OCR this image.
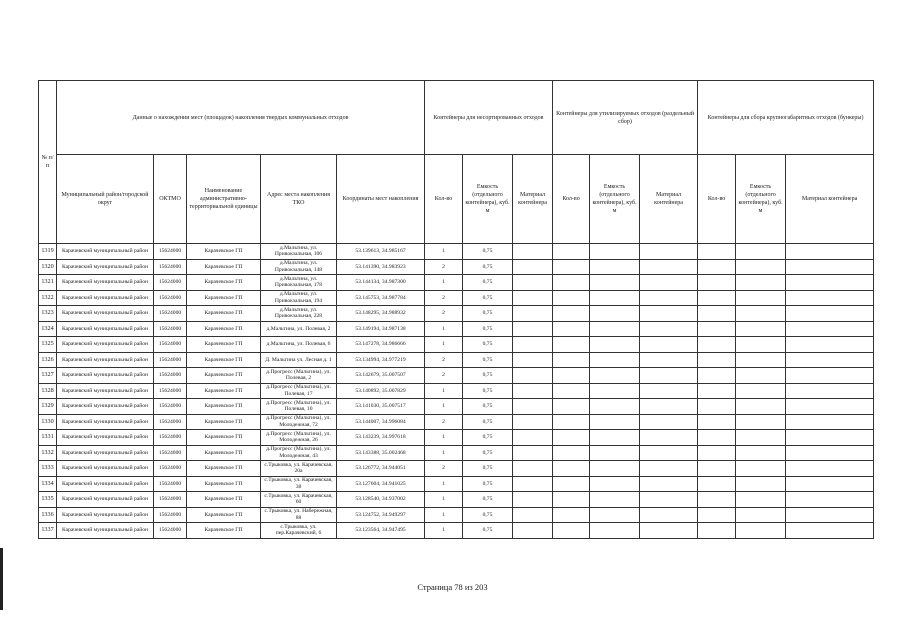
№ п/п	Данные о нахождении мест (площадок) накопления твердых коммунальных отходов					Контейнеры для несортированных отходов			Контейнеры для утилизируемых отходов (раздельный сбор)			Контейнеры для сбора крупногабаритных отходов (бункеры)		
	Муниципальный район/городской округ	ОКТМО	Наименование административно-территориальной единицы	Адрес места накопления ТКО	Координаты мест накопления	Кол-во	Емкость (отдельного контейнера), куб. м	Материал контейнера	Кол-во	Емкость (отдельного контейнера), куб. м	Материал контейнера	Кол-во	Емкость (отдельного контейнера), куб. м	Материал контейнера
1319	Карачевский муниципальный район	15624000	Карачевское ГП	д.Мальтина, ул. Привокзальная, 106	53.139613, 34.985167	1	0,75							
1320	Карачевский муниципальный район	15624000	Карачевское ГП	д.Мальтина, ул. Привокзальная, 148	53.141390, 34.983923	2	0,75							
1321	Карачевский муниципальный район	15624000	Карачевское ГП	д.Мальтина, ул. Привокзальная, 178	53.144134, 34.987300	1	0,75							
1322	Карачевский муниципальный район	15624000	Карачевское ГП	д.Мальтина, ул. Привокзальная, 194	53.145753, 34.987784	2	0,75							
1323	Карачевский муниципальный район	15624000	Карачевское ГП	д.Мальтина, ул. Привокзальная, 228	53.148295, 34.988932	2	0,75							
1324	Карачевский муниципальный район	15624000	Карачевское ГП	д.Мальтина, ул. Полевая, 2	53.149194, 34.987138	1	0,75							
1325	Карачевский муниципальный район	15624000	Карачевское ГП	д.Мальтина, ул. Полевая, 6	53.147278, 34.986666	1	0,75							
1326	Карачевский муниципальный район	15624000	Карачевское ГП	Д. Мальтина ул. Лесная д. 1	53.134994, 34.977219	2	0,75							
1327	Карачевский муниципальный район	15624000	Карачевское ГП	д.Прогресс (Мальтина), ул. Полевая, 2	53.142679, 35.007507	2	0,75							
1328	Карачевский муниципальный район	15624000	Карачевское ГП	д.Прогресс (Мальтина), ул. Полевая, 17	53.140892, 35.007829	1	0,75							
1329	Карачевский муниципальный район	15624000	Карачевское ГП	д.Прогресс (Мальтина), ул. Полевая, 10	53.141030, 35.007517	1	0,75							
1330	Карачевский муниципальный район	15624000	Карачевское ГП	д.Прогресс (Мальтина), ул. Молодежная, 72	53.144007, 34.996084	2	0,75							
1331	Карачевский муниципальный район	15624000	Карачевское ГП	д.Прогресс (Мальтина), ул. Молодежная, 26	53.143239, 34.997618	1	0,75							
1332	Карачевский муниципальный район	15624000	Карачевское ГП	д.Прогресс (Мальтина), ул. Молодежная, 43	53.143388, 35.002468	1	0,75							
1333	Карачевский муниципальный район	15624000	Карачевское ГП	с.Трыковка, ул. Карачевская, 20а	53.126772, 34.944051	2	0,75							
1334	Карачевский муниципальный район	15624000	Карачевское ГП	с.Трыковка, ул. Карачевская, 38	53.127604, 34.941025	1	0,75							
1335	Карачевский муниципальный район	15624000	Карачевское ГП	с.Трыковка, ул. Карачевская, 60	53.128540, 34.937002	1	0,75							
1336	Карачевский муниципальный район	15624000	Карачевское ГП	с.Трыковка, ул. Набережная, 88	53.124752, 34.949297	1	0,75							
1337	Карачевский муниципальный район	15624000	Карачевское ГП	с.Трыковка, ул. пер.Карачевский, 6	53.123564, 34.947495	1	0,75							
Страница 78 из 203
